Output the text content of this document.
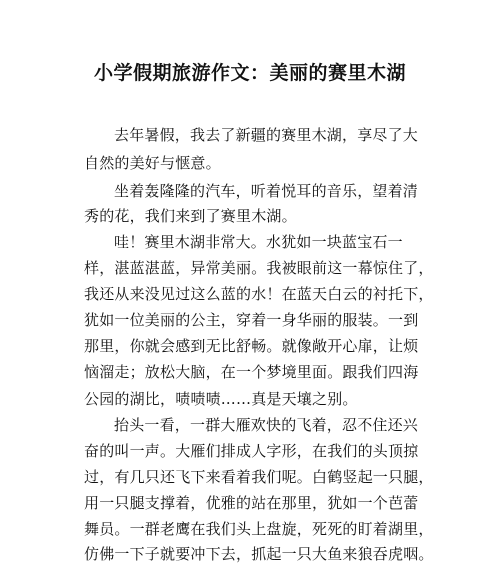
小学假期旅游作文：美丽的赛里木湖
去年暑假，我去了新疆的赛里木湖，享尽了大
自然的美好与惬意。
坐着轰隆隆的汽车，听着悦耳的音乐，望着清
秀的花，我们来到了赛里木湖。
哇！赛里木湖非常大。水犹如一块蓝宝石一
样，湛蓝湛蓝，异常美丽。我被眼前这一幕惊住了，
我还从来没见过这么蓝的水！在蓝天白云的衬托下，
犹如一位美丽的公主，穿着一身华丽的服装。一到
那里，你就会感到无比舒畅。就像敞开心扉，让烦
恼溜走；放松大脑，在一个梦境里面。跟我们四海
公园的湖比，啧啧啧……真是天壤之别。
抬头一看，一群大雁欢快的飞着，忍不住还兴
奋的叫一声。大雁们排成人字形，在我们的头顶掠
过，有几只还飞下来看着我们呢。白鹤竖起一只腿，
用一只腿支撑着，优雅的站在那里，犹如一个芭蕾
舞员。一群老鹰在我们头上盘旋，死死的盯着湖里，
仿佛一下子就要冲下去，抓起一只大鱼来狼吞虎咽。
